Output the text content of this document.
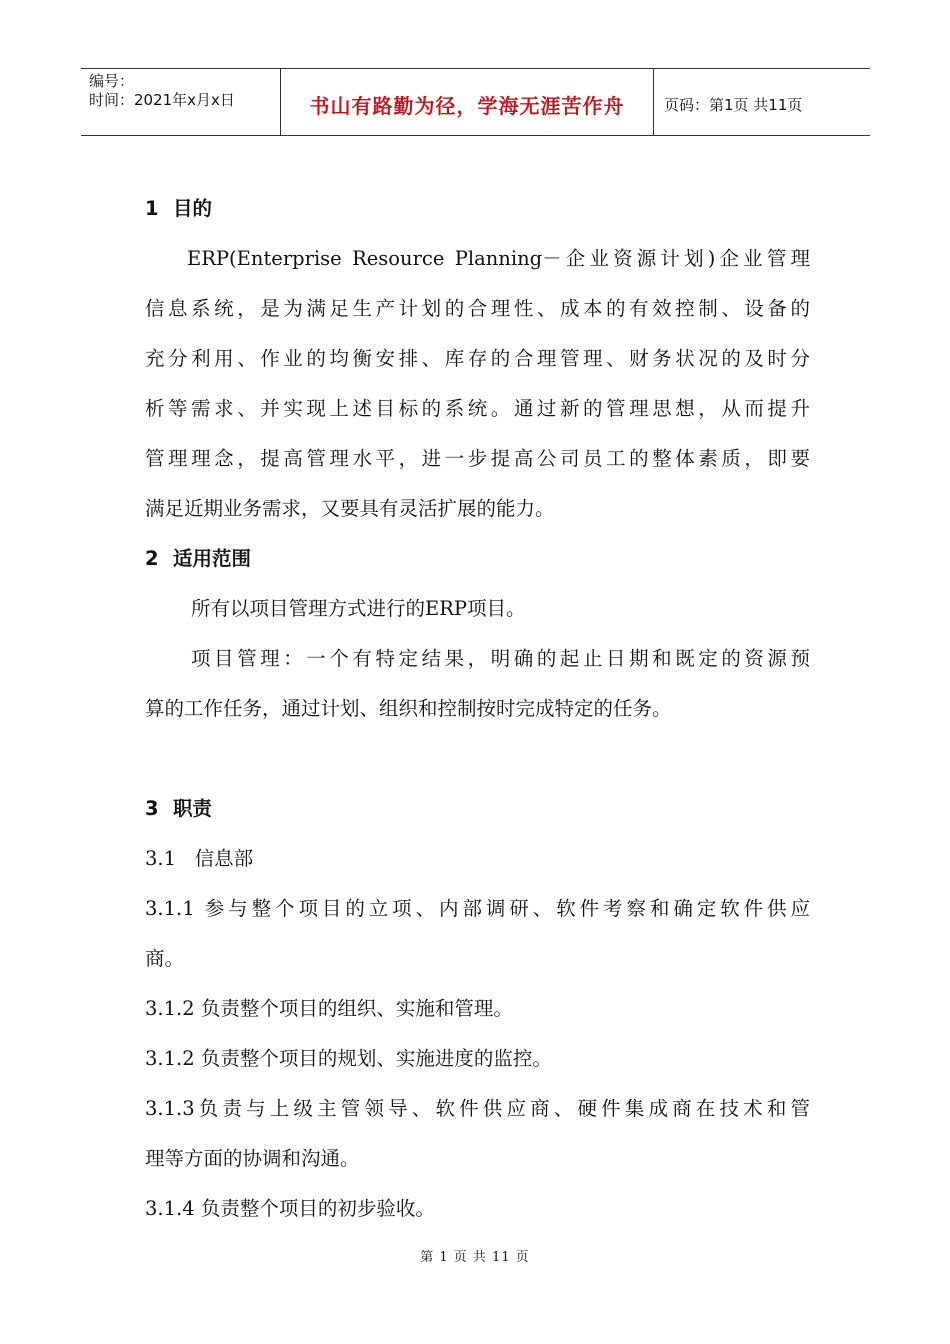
编号：
时间：2021年x月x日	书山有路勤为径，学海无涯苦作舟	页码：第1页 共11页
1 目的
ERP(Enterprise Resource Planning－企业资源计划)企业管理
信息系统，是为满足生产计划的合理性、成本的有效控制、设备的
充分利用、作业的均衡安排、库存的合理管理、财务状况的及时分
析等需求、并实现上述目标的系统。通过新的管理思想，从而提升
管理理念，提高管理水平，进一步提高公司员工的整体素质，即要
满足近期业务需求，又要具有灵活扩展的能力。
2 适用范围
所有以项目管理方式进行的ERP项目。
项目管理：一个有特定结果，明确的起止日期和既定的资源预
算的工作任务，通过计划、组织和控制按时完成特定的任务。
3 职责
3.1   信息部
3.1.1 参与整个项目的立项、内部调研、软件考察和确定软件供应
商。
3.1.2 负责整个项目的组织、实施和管理。
3.1.2 负责整个项目的规划、实施进度的监控。
3.1.3负责与上级主管领导、软件供应商、硬件集成商在技术和管
理等方面的协调和沟通。
3.1.4 负责整个项目的初步验收。
第 1 页 共 11 页
